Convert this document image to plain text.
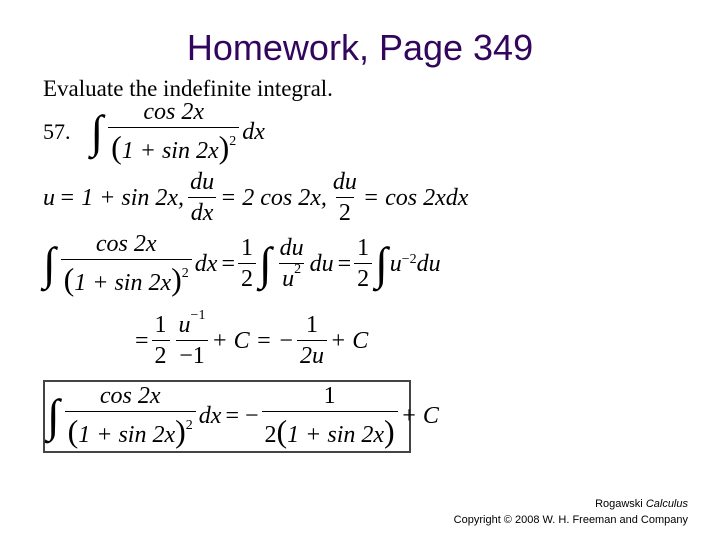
Homework, Page 349
Evaluate the indefinite integral.
57. ∫ $\frac{\cos 2x}{(1 + \sin 2x)^2}$ dx
u = 1 + sin 2x, $\frac{du}{dx} = 2$ cos 2x, $\frac{du}{2} = \cos 2xdx$
∫ $\frac{\cos 2x}{(1 + \sin 2x)^2}$ dx = $\frac{1}{2}$ ∫ $\frac{du}{u^2}$ du = $\frac{1}{2}$ ∫ $u^{-2}$ du
= $\frac{1}{2} \frac{u^{-1}}{-1} + C$ = − $\frac{1}{2u} + C$
∫ $\frac{\cos 2x}{(1 + \sin 2x)^2}$ dx = − $\frac{1}{2(1 + \sin 2x)} + C$
Rogawski Calculus
Copyright © 2008 W. H. Freeman and Company
